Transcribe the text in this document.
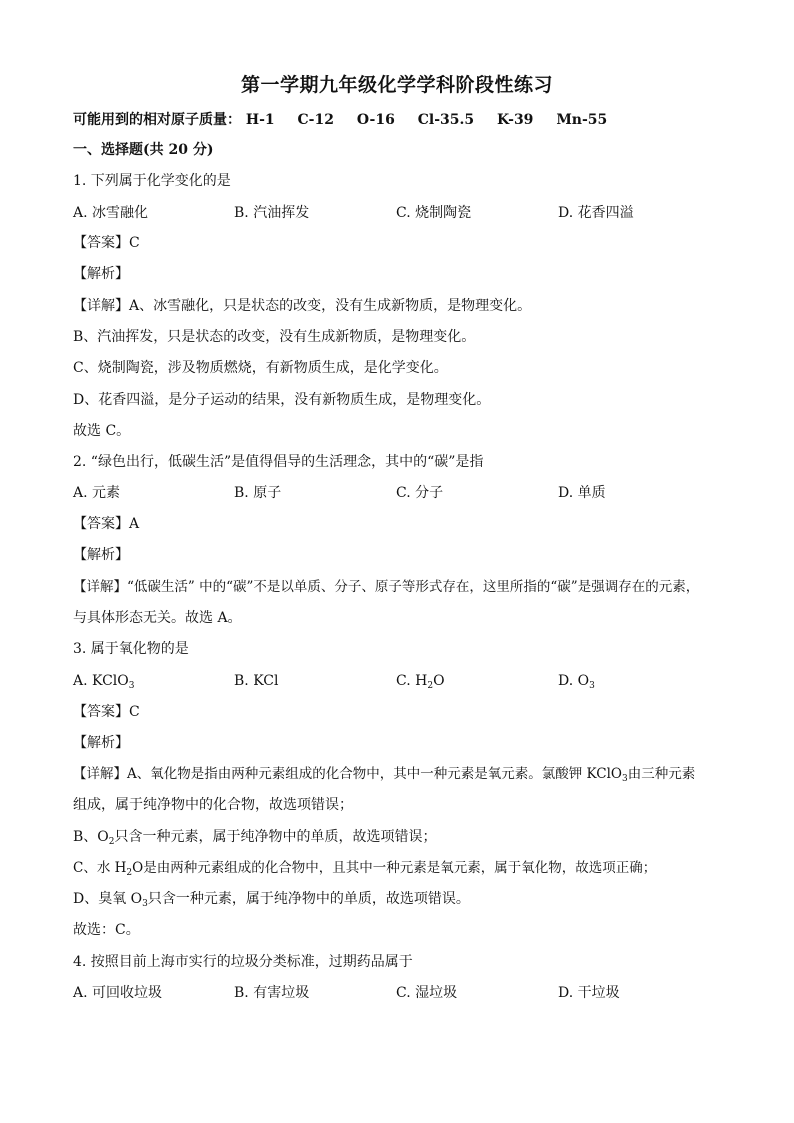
第一学期九年级化学学科阶段性练习
可能用到的相对原子质量： H-1 C-12 O-16 Cl-35.5 K-39 Mn-55
一、选择题(共 20 分)
1. 下列属于化学变化的是
A. 冰雪融化	B. 汽油挥发	C. 烧制陶瓷	D. 花香四溢
【答案】C
【解析】
【详解】A、冰雪融化，只是状态的改变，没有生成新物质，是物理变化。
B、汽油挥发，只是状态的改变，没有生成新物质，是物理变化。
C、烧制陶瓷，涉及物质燃烧，有新物质生成，是化学变化。
D、花香四溢，是分子运动的结果，没有新物质生成，是物理变化。
故选 C。
2. “绿色出行，低碳生活”是值得倡导的生活理念，其中的“碳”是指
A. 元素	B. 原子	C. 分子	D. 单质
【答案】A
【解析】
【详解】“低碳生活” 中的“碳”不是以单质、分子、原子等形式存在，这里所指的“碳”是强调存在的元素，
与具体形态无关。故选 A。
3. 属于氧化物的是
A. KClO$_3$	B. KCl	C. $H_2O$	D. $O_3$
【答案】C
【解析】
【详解】A、氧化物是指由两种元素组成的化合物中，其中一种元素是氧元素。氯酸钾 KClO$_3$由三种元素
组成，属于纯净物中的化合物，故选项错误；
B、$O_2$只含一种元素，属于纯净物中的单质，故选项错误；
C、水 $H_2O$是由两种元素组成的化合物中，且其中一种元素是氧元素，属于氧化物，故选项正确；
D、臭氧 $O_3$只含一种元素，属于纯净物中的单质，故选项错误。
故选：C。
4. 按照目前上海市实行的垃圾分类标准，过期药品属于
A. 可回收垃圾	B. 有害垃圾	C. 湿垃圾	D. 干垃圾
